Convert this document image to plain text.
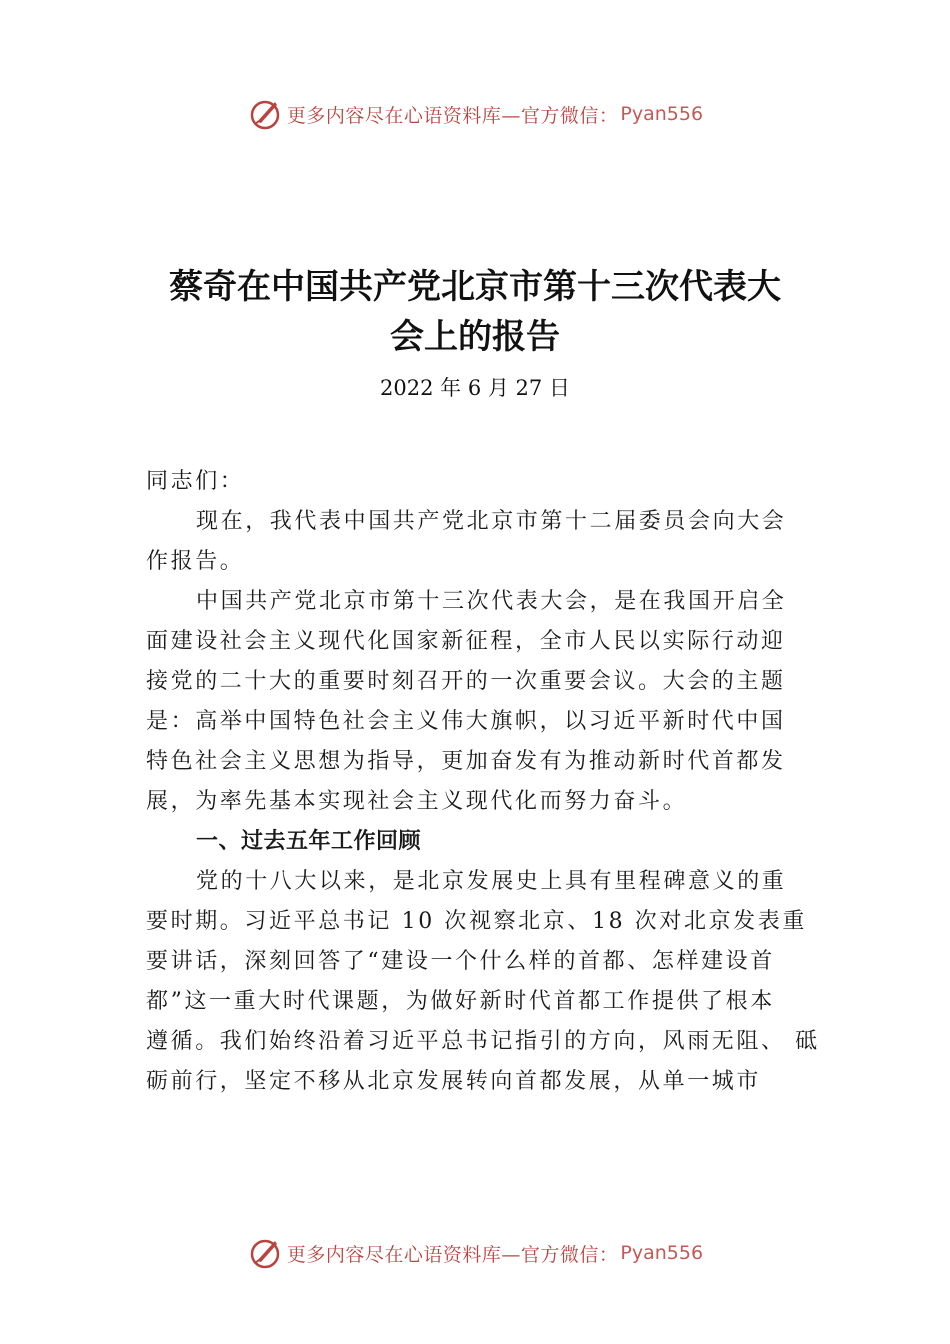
更多内容尽在心语资料库—官方微信： Pyan556
蔡奇在中国共产党北京市第十三次代表大
会上的报告
2022 年 6 月 27 日
同志们：
现在，我代表中国共产党北京市第十二届委员会向大会
作报告。
中国共产党北京市第十三次代表大会，是在我国开启全
面建设社会主义现代化国家新征程，全市人民以实际行动迎
接党的二十大的重要时刻召开的一次重要会议。大会的主题
是：高举中国特色社会主义伟大旗帜，以习近平新时代中国
特色社会主义思想为指导，更加奋发有为推动新时代首都发
展，为率先基本实现社会主义现代化而努力奋斗。
一、过去五年工作回顾
党的十八大以来，是北京发展史上具有里程碑意义的重
要时期。习近平总书记 10 次视察北京、18 次对北京发表重
要讲话，深刻回答了“建设一个什么样的首都、怎样建设首
都”这一重大时代课题，为做好新时代首都工作提供了根本
遵循。我们始终沿着习近平总书记指引的方向，风雨无阻、 砥
砺前行，坚定不移从北京发展转向首都发展，从单一城市
更多内容尽在心语资料库—官方微信： Pyan556
